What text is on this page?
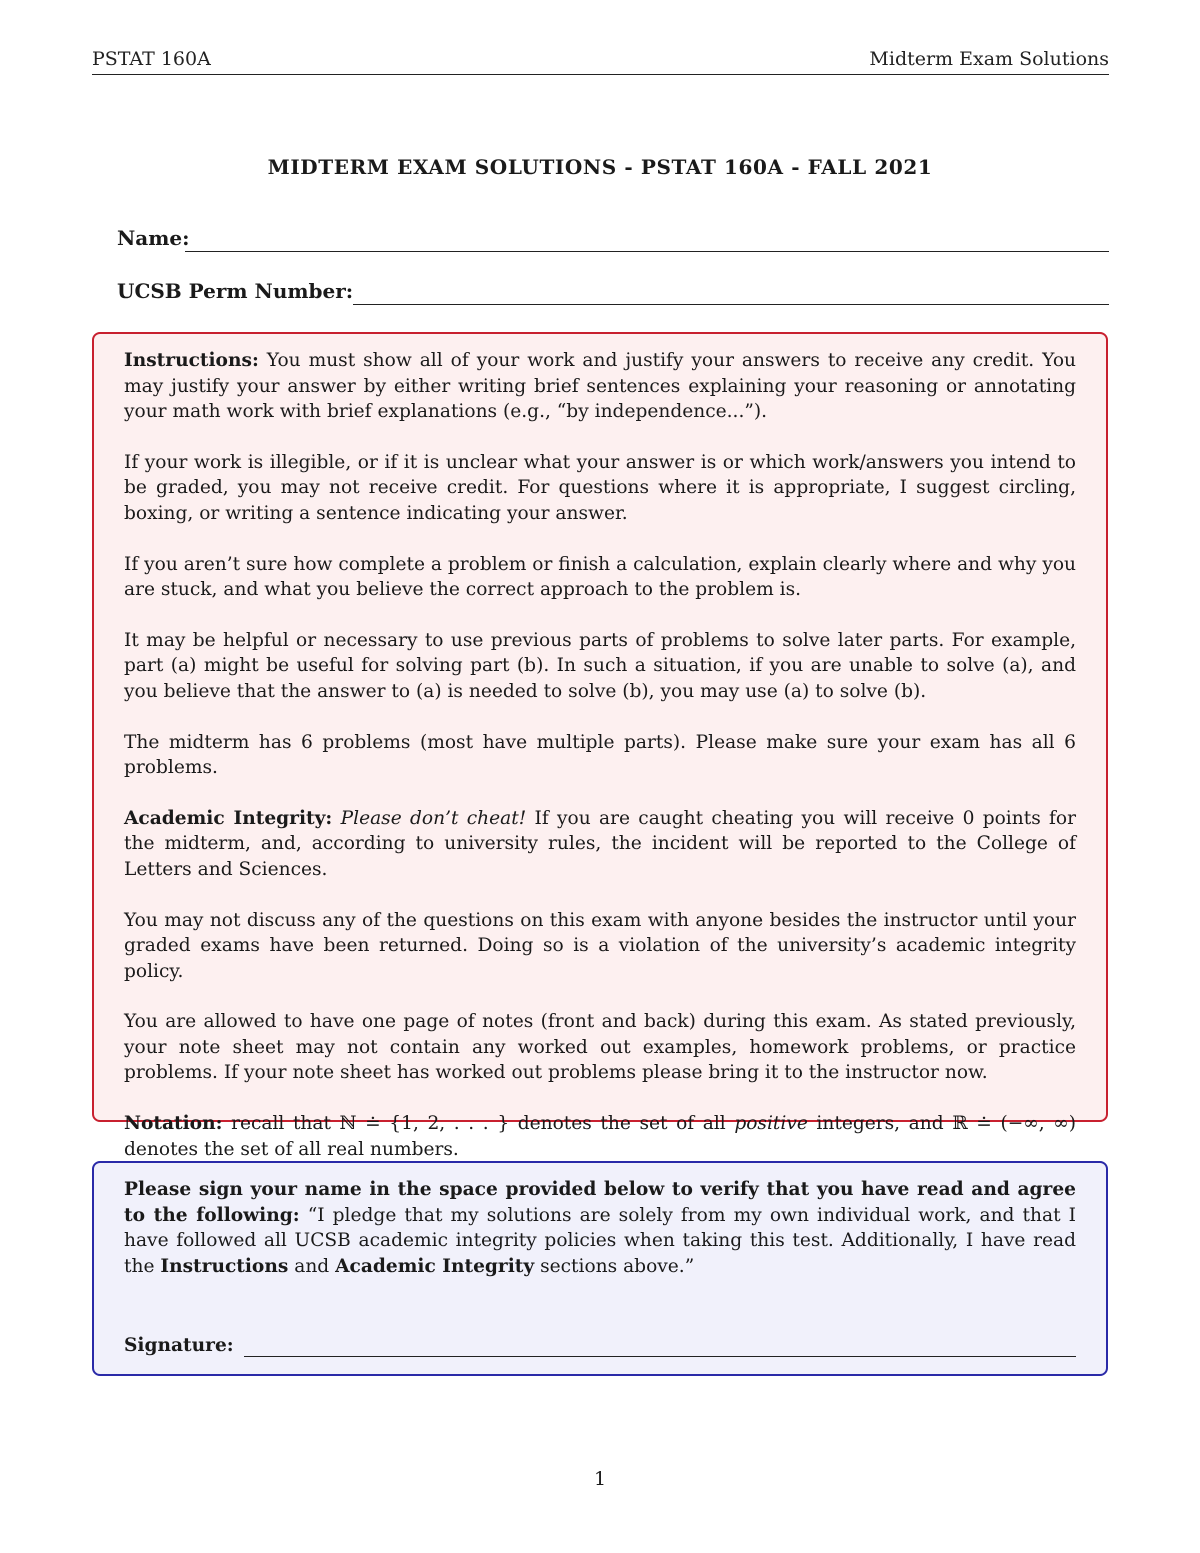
PSTAT 160A	Midterm Exam Solutions
MIDTERM EXAM SOLUTIONS - PSTAT 160A - FALL 2021
Name:
UCSB Perm Number:

Instructions: You must show all of your work and justify your answers to receive any credit. You may justify your answer by either writing brief sentences explaining your reasoning or annotating your math work with brief explanations (e.g., “by independence...”).

If your work is illegible, or if it is unclear what your answer is or which work/answers you intend to be graded, you may not receive credit. For questions where it is appropriate, I suggest circling, boxing, or writing a sentence indicating your answer.

If you aren’t sure how complete a problem or finish a calculation, explain clearly where and why you are stuck, and what you believe the correct approach to the problem is.

It may be helpful or necessary to use previous parts of problems to solve later parts. For example, part (a) might be useful for solving part (b). In such a situation, if you are unable to solve (a), and you believe that the answer to (a) is needed to solve (b), you may use (a) to solve (b).

The midterm has 6 problems (most have multiple parts). Please make sure your exam has all 6 problems.

Academic Integrity: Please don’t cheat! If you are caught cheating you will receive 0 points for the midterm, and, according to university rules, the incident will be reported to the College of Letters and Sciences.

You may not discuss any of the questions on this exam with anyone besides the instructor until your graded exams have been returned. Doing so is a violation of the university’s academic integrity policy.

You are allowed to have one page of notes (front and back) during this exam. As stated previously, your note sheet may not contain any worked out examples, homework problems, or practice problems. If your note sheet has worked out problems please bring it to the instructor now.

Notation: recall that ℕ ≐ {1, 2, . . . } denotes the set of all positive integers, and ℝ ≐ (−∞, ∞) denotes the set of all real numbers.

Please sign your name in the space provided below to verify that you have read and agree to the following: “I pledge that my solutions are solely from my own individual work, and that I have followed all UCSB academic integrity policies when taking this test. Additionally, I have read the Instructions and Academic Integrity sections above.”

Signature:
1
